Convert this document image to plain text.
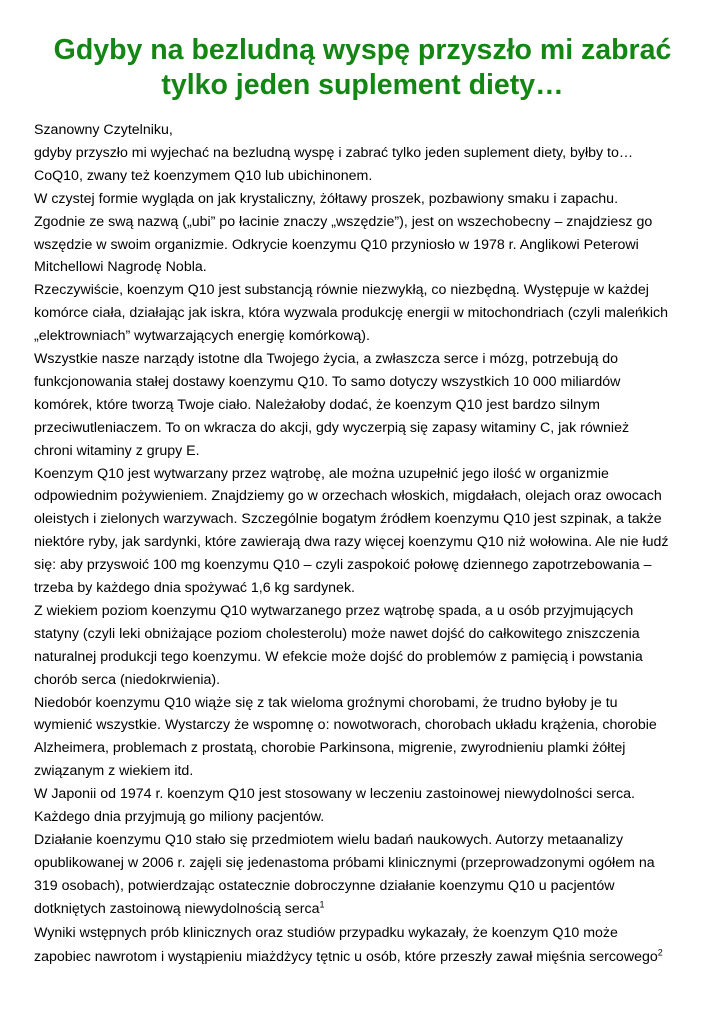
Gdyby na bezludną wyspę przyszło mi zabrać
tylko jeden suplement diety…
Szanowny Czytelniku,
gdyby przyszło mi wyjechać na bezludną wyspę i zabrać tylko jeden suplement diety, byłby to…
CoQ10, zwany też koenzymem Q10 lub ubichinonem.
W czystej formie wygląda on jak krystaliczny, żółtawy proszek, pozbawiony smaku i zapachu.
Zgodnie ze swą nazwą („ubi” po łacinie znaczy „wszędzie”), jest on wszechobecny – znajdziesz go
wszędzie w swoim organizmie. Odkrycie koenzymu Q10 przyniosło w 1978 r. Anglikowi Peterowi
Mitchellowi Nagrodę Nobla.
Rzeczywiście, koenzym Q10 jest substancją równie niezwykłą, co niezbędną. Występuje w każdej
komórce ciała, działając jak iskra, która wyzwala produkcję energii w mitochondriach (czyli maleńkich
„elektrowniach” wytwarzających energię komórkową).
Wszystkie nasze narządy istotne dla Twojego życia, a zwłaszcza serce i mózg, potrzebują do
funkcjonowania stałej dostawy koenzymu Q10. To samo dotyczy wszystkich 10 000 miliardów
komórek, które tworzą Twoje ciało. Należałoby dodać, że koenzym Q10 jest bardzo silnym
przeciwutleniaczem. To on wkracza do akcji, gdy wyczerpią się zapasy witaminy C, jak również
chroni witaminy z grupy E.
Koenzym Q10 jest wytwarzany przez wątrobę, ale można uzupełnić jego ilość w organizmie
odpowiednim pożywieniem. Znajdziemy go w orzechach włoskich, migdałach, olejach oraz owocach
oleistych i zielonych warzywach. Szczególnie bogatym źródłem koenzymu Q10 jest szpinak, a także
niektóre ryby, jak sardynki, które zawierają dwa razy więcej koenzymu Q10 niż wołowina. Ale nie łudź
się: aby przyswoić 100 mg koenzymu Q10 – czyli zaspokoić połowę dziennego zapotrzebowania –
trzeba by każdego dnia spożywać 1,6 kg sardynek.
Z wiekiem poziom koenzymu Q10 wytwarzanego przez wątrobę spada, a u osób przyjmujących
statyny (czyli leki obniżające poziom cholesterolu) może nawet dojść do całkowitego zniszczenia
naturalnej produkcji tego koenzymu. W efekcie może dojść do problemów z pamięcią i powstania
chorób serca (niedokrwienia).
Niedobór koenzymu Q10 wiąże się z tak wieloma groźnymi chorobami, że trudno byłoby je tu
wymienić wszystkie. Wystarczy że wspomnę o: nowotworach, chorobach układu krążenia, chorobie
Alzheimera, problemach z prostatą, chorobie Parkinsona, migrenie, zwyrodnieniu plamki żółtej
związanym z wiekiem itd.
W Japonii od 1974 r. koenzym Q10 jest stosowany w leczeniu zastoinowej niewydolności serca.
Każdego dnia przyjmują go miliony pacjentów.
Działanie koenzymu Q10 stało się przedmiotem wielu badań naukowych. Autorzy metaanalizy
opublikowanej w 2006 r. zajęli się jedenastoma próbami klinicznymi (przeprowadzonymi ogółem na
319 osobach), potwierdzając ostatecznie dobroczynne działanie koenzymu Q10 u pacjentów
dotkniętych zastoinową niewydolnością serca$^1$
Wyniki wstępnych prób klinicznych oraz studiów przypadku wykazały, że koenzym Q10 może
zapobiec nawrotom i wystąpieniu miażdżycy tętnic u osób, które przeszły zawał mięśnia sercowego$^2$
